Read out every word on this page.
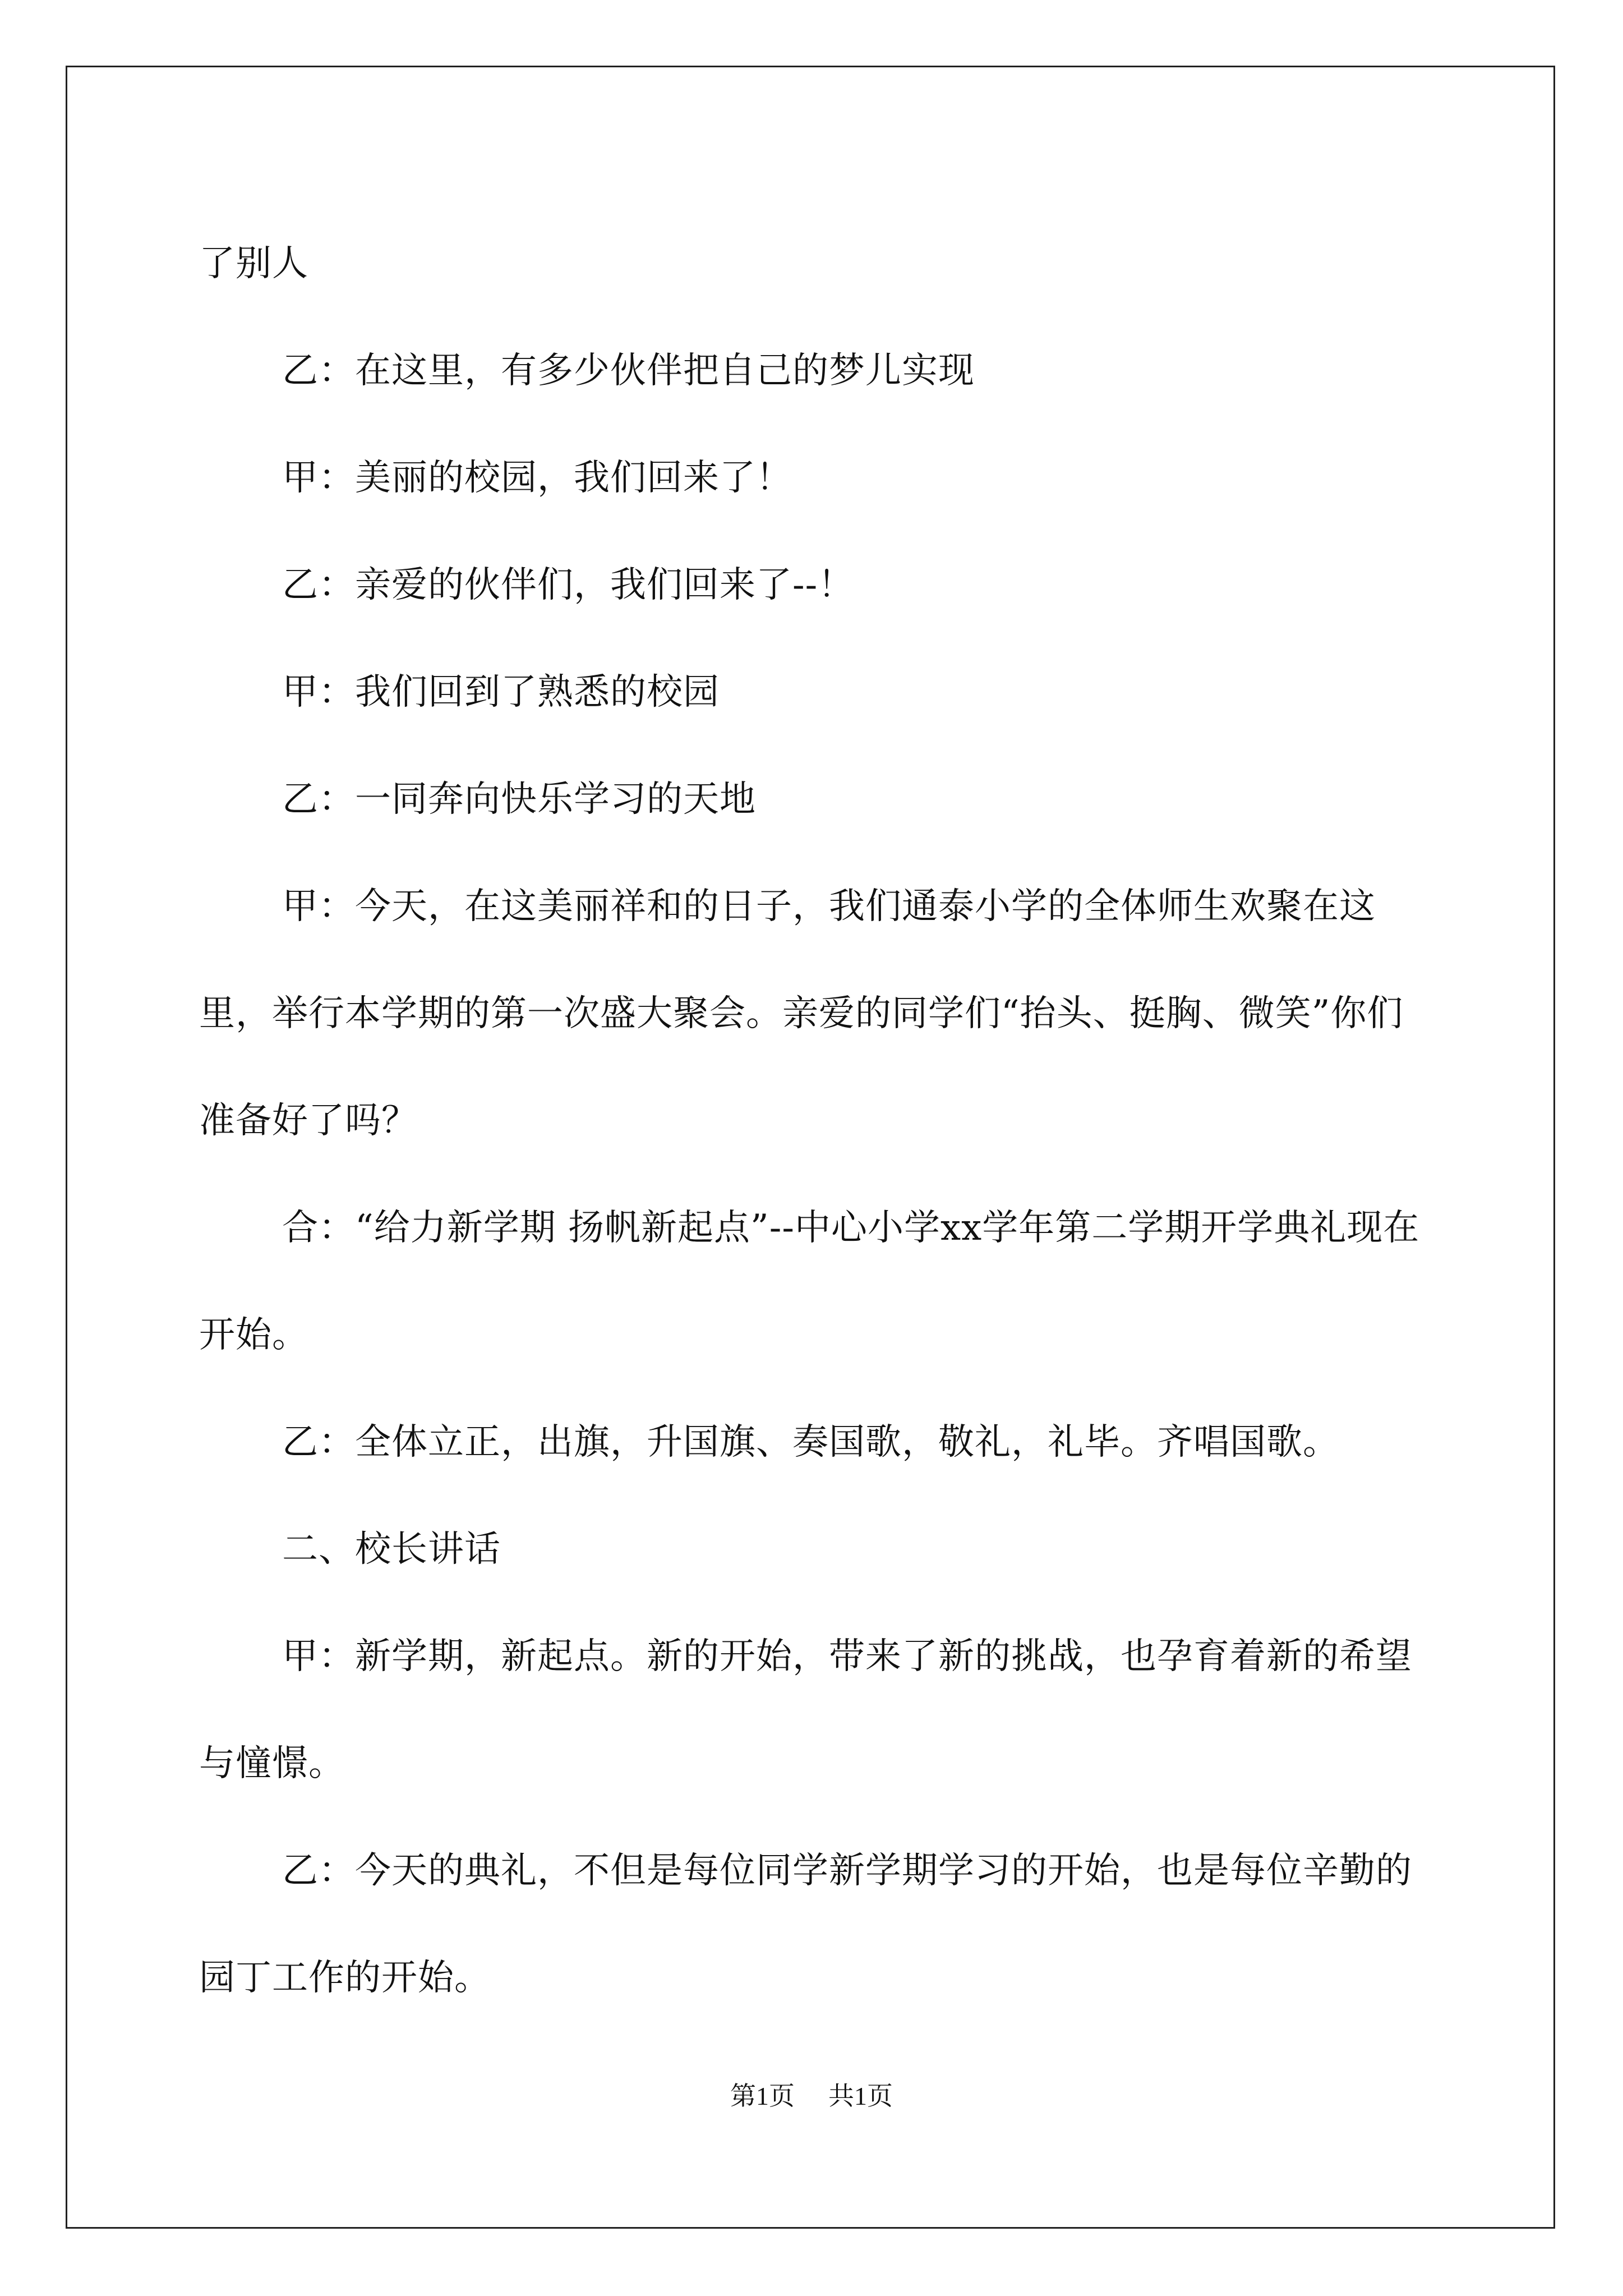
了别人

乙：在这里，有多少伙伴把自己的梦儿实现

甲：美丽的校园，我们回来了！

乙：亲爱的伙伴们，我们回来了--！

甲：我们回到了熟悉的校园

乙：一同奔向快乐学习的天地

甲：今天，在这美丽祥和的日子，我们通泰小学的全体师生欢聚在这里，举行本学期的第一次盛大聚会。亲爱的同学们“抬头、挺胸、微笑”你们准备好了吗？

合：“给力新学期 扬帆新起点”--中心小学xx学年第二学期开学典礼现在开始。

乙：全体立正，出旗，升国旗、奏国歌，敬礼，礼毕。齐唱国歌。

二、校长讲话

甲：新学期，新起点。新的开始，带来了新的挑战，也孕育着新的希望与憧憬。

乙：今天的典礼，不但是每位同学新学期学习的开始，也是每位辛勤的园丁工作的开始。

第1页 共1页
